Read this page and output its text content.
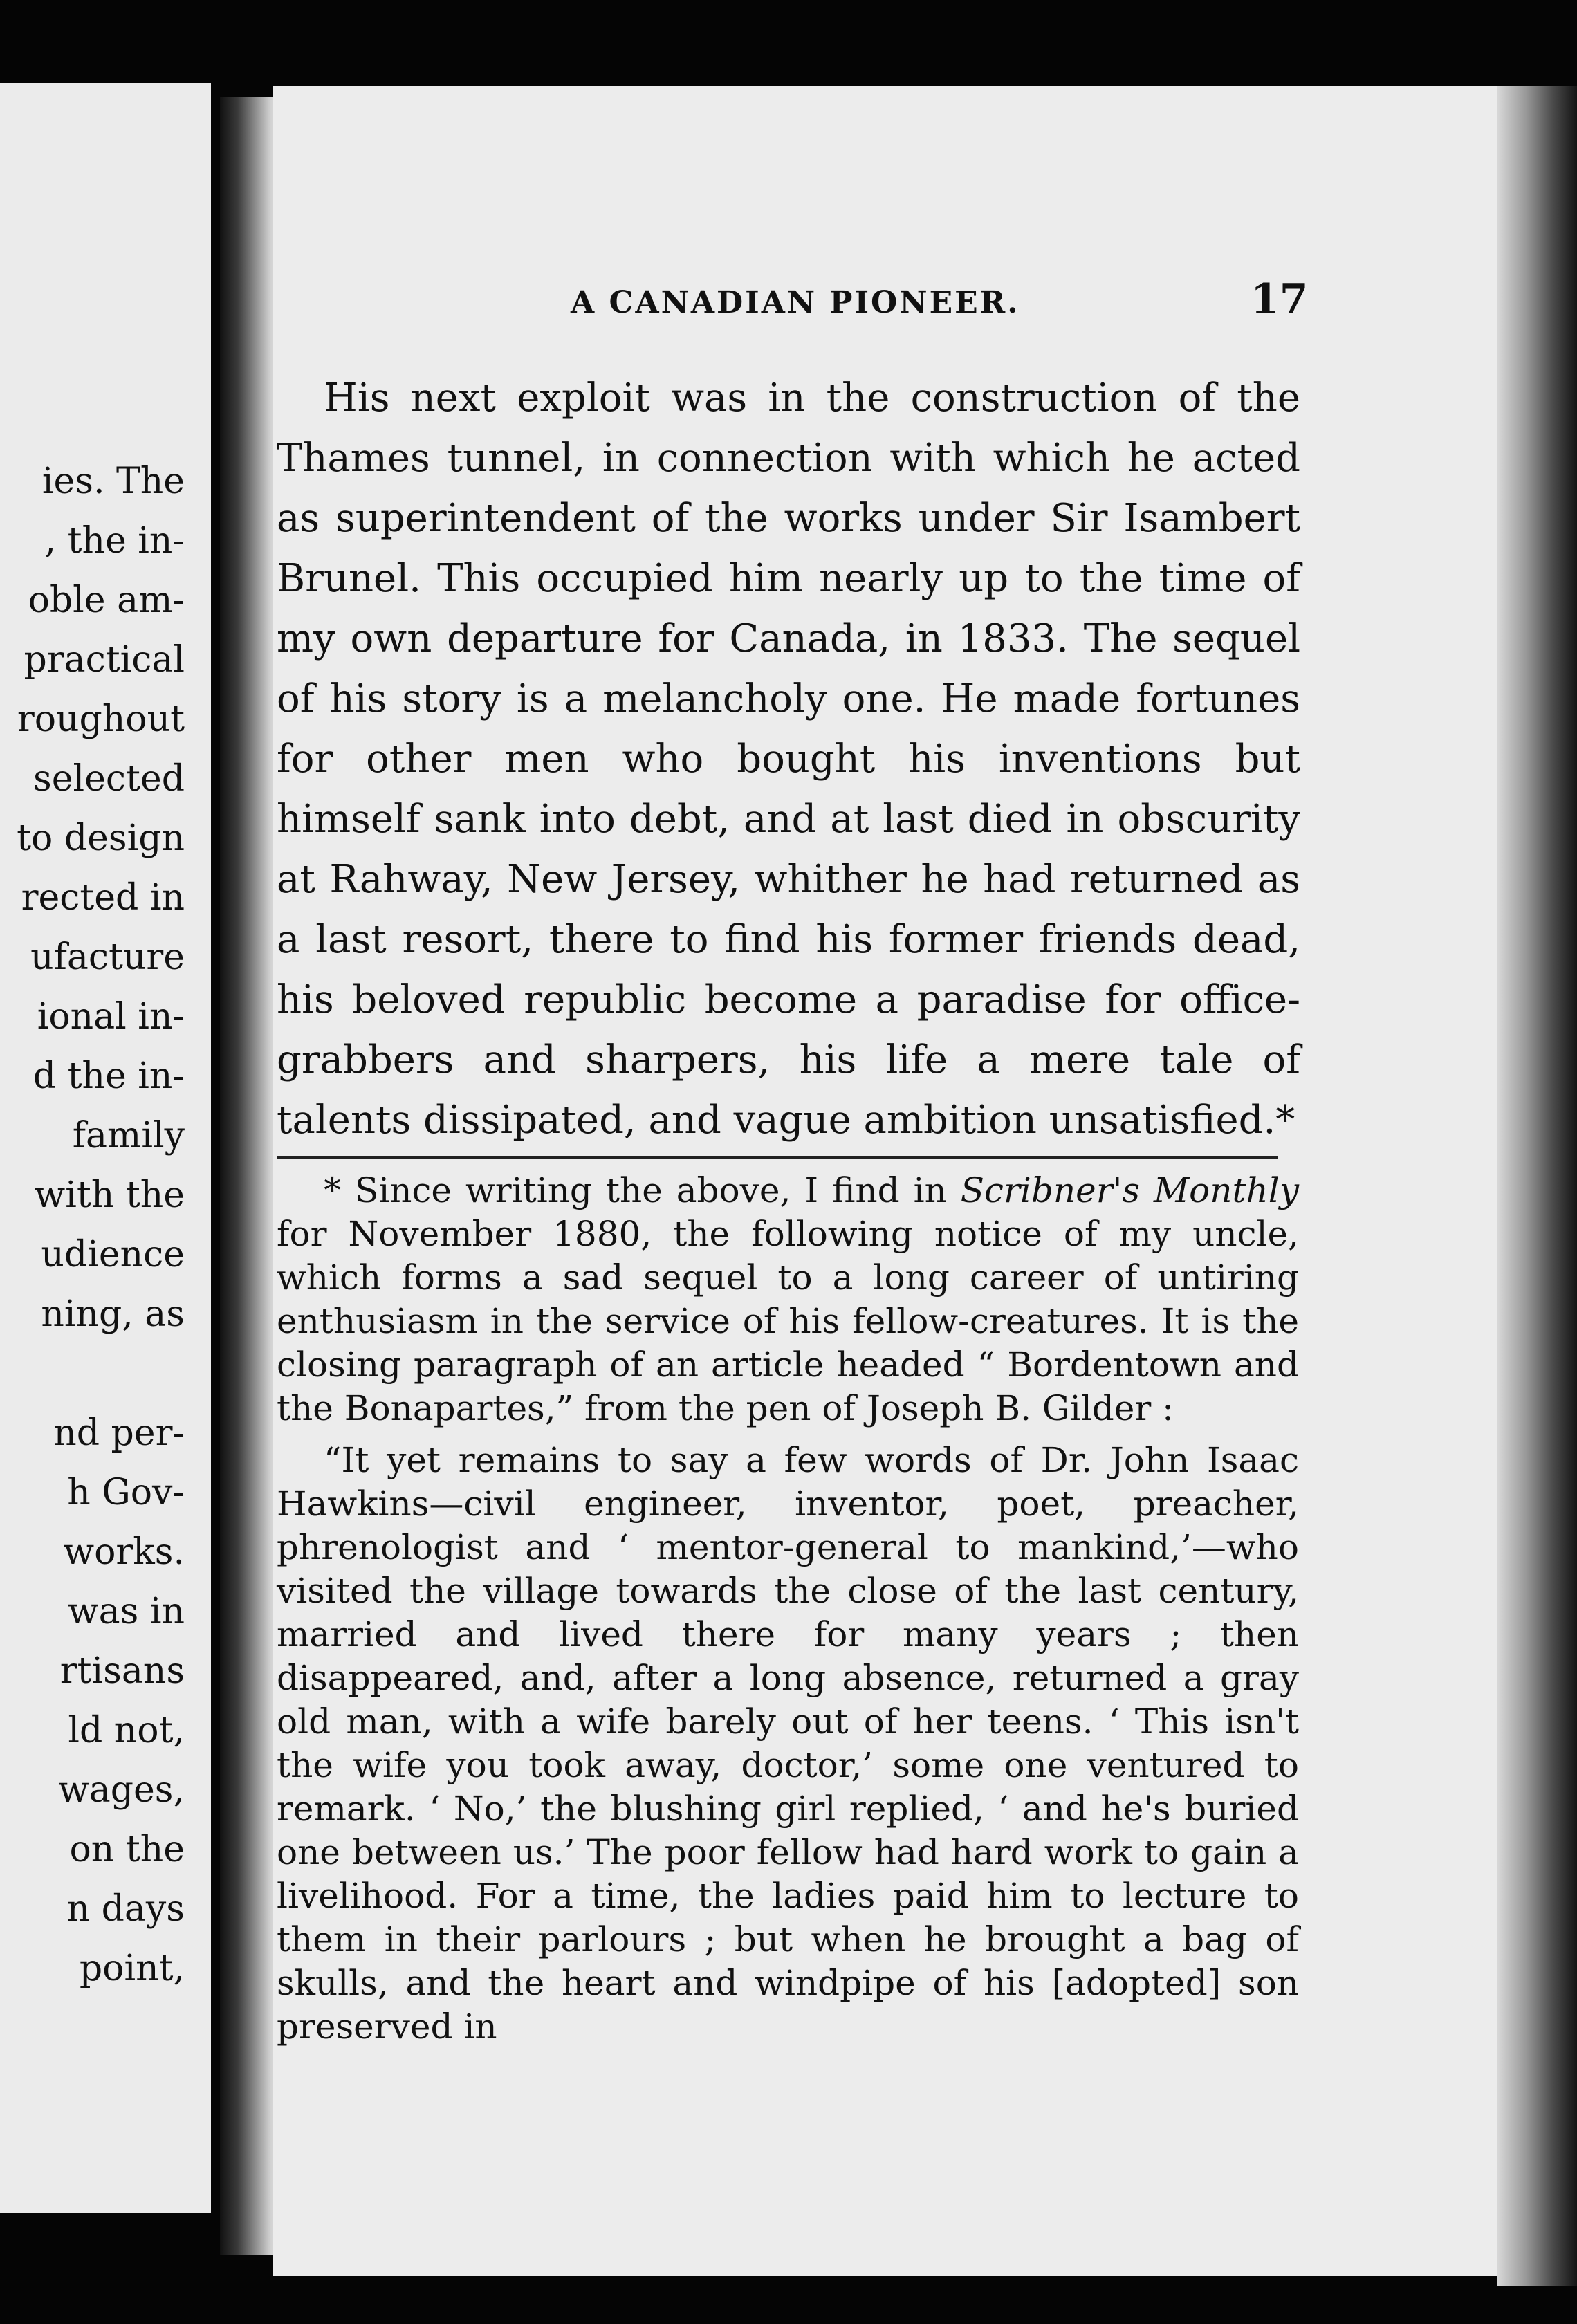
ies. The
, the in-
oble am-
practical
roughout
selected
to design
rected in
ufacture
ional in-
d the in-
family
with the
udience
ning, as
nd per-
h Gov-
works.
was in
rtisans
ld not,
wages,
on the
n days
point,
A CANADIAN PIONEER.	17

His next exploit was in the construction of the Thames tunnel, in connection with which he acted as superintendent of the works under Sir Isambert Brunel. This occupied him nearly up to the time of my own departure for Canada, in 1833. The sequel of his story is a melancholy one. He made fortunes for other men who bought his inventions but himself sank into debt, and at last died in obscurity at Rahway, New Jersey, whither he had returned as a last resort, there to find his former friends dead, his beloved republic become a paradise for office-grabbers and sharpers, his life a mere tale of talents dissipated, and vague ambition unsatisfied.*

* Since writing the above, I find in Scribner's Monthly for November 1880, the following notice of my uncle, which forms a sad sequel to a long career of untiring enthusiasm in the service of his fellow-creatures. It is the closing paragraph of an article headed “ Bordentown and the Bonapartes,” from the pen of Joseph B. Gilder :

“It yet remains to say a few words of Dr. John Isaac Hawkins—civil engineer, inventor, poet, preacher, phrenologist and ‘ mentor-general to mankind,’—who visited the village towards the close of the last century, married and lived there for many years ; then disappeared, and, after a long absence, returned a gray old man, with a wife barely out of her teens. ‘ This isn't the wife you took away, doctor,’ some one ventured to remark. ‘ No,’ the blushing girl replied, ‘ and he's buried one between us.’ The poor fellow had hard work to gain a livelihood. For a time, the ladies paid him to lecture to them in their parlours ; but when he brought a bag of skulls, and the heart and windpipe of his [adopted] son preserved in
